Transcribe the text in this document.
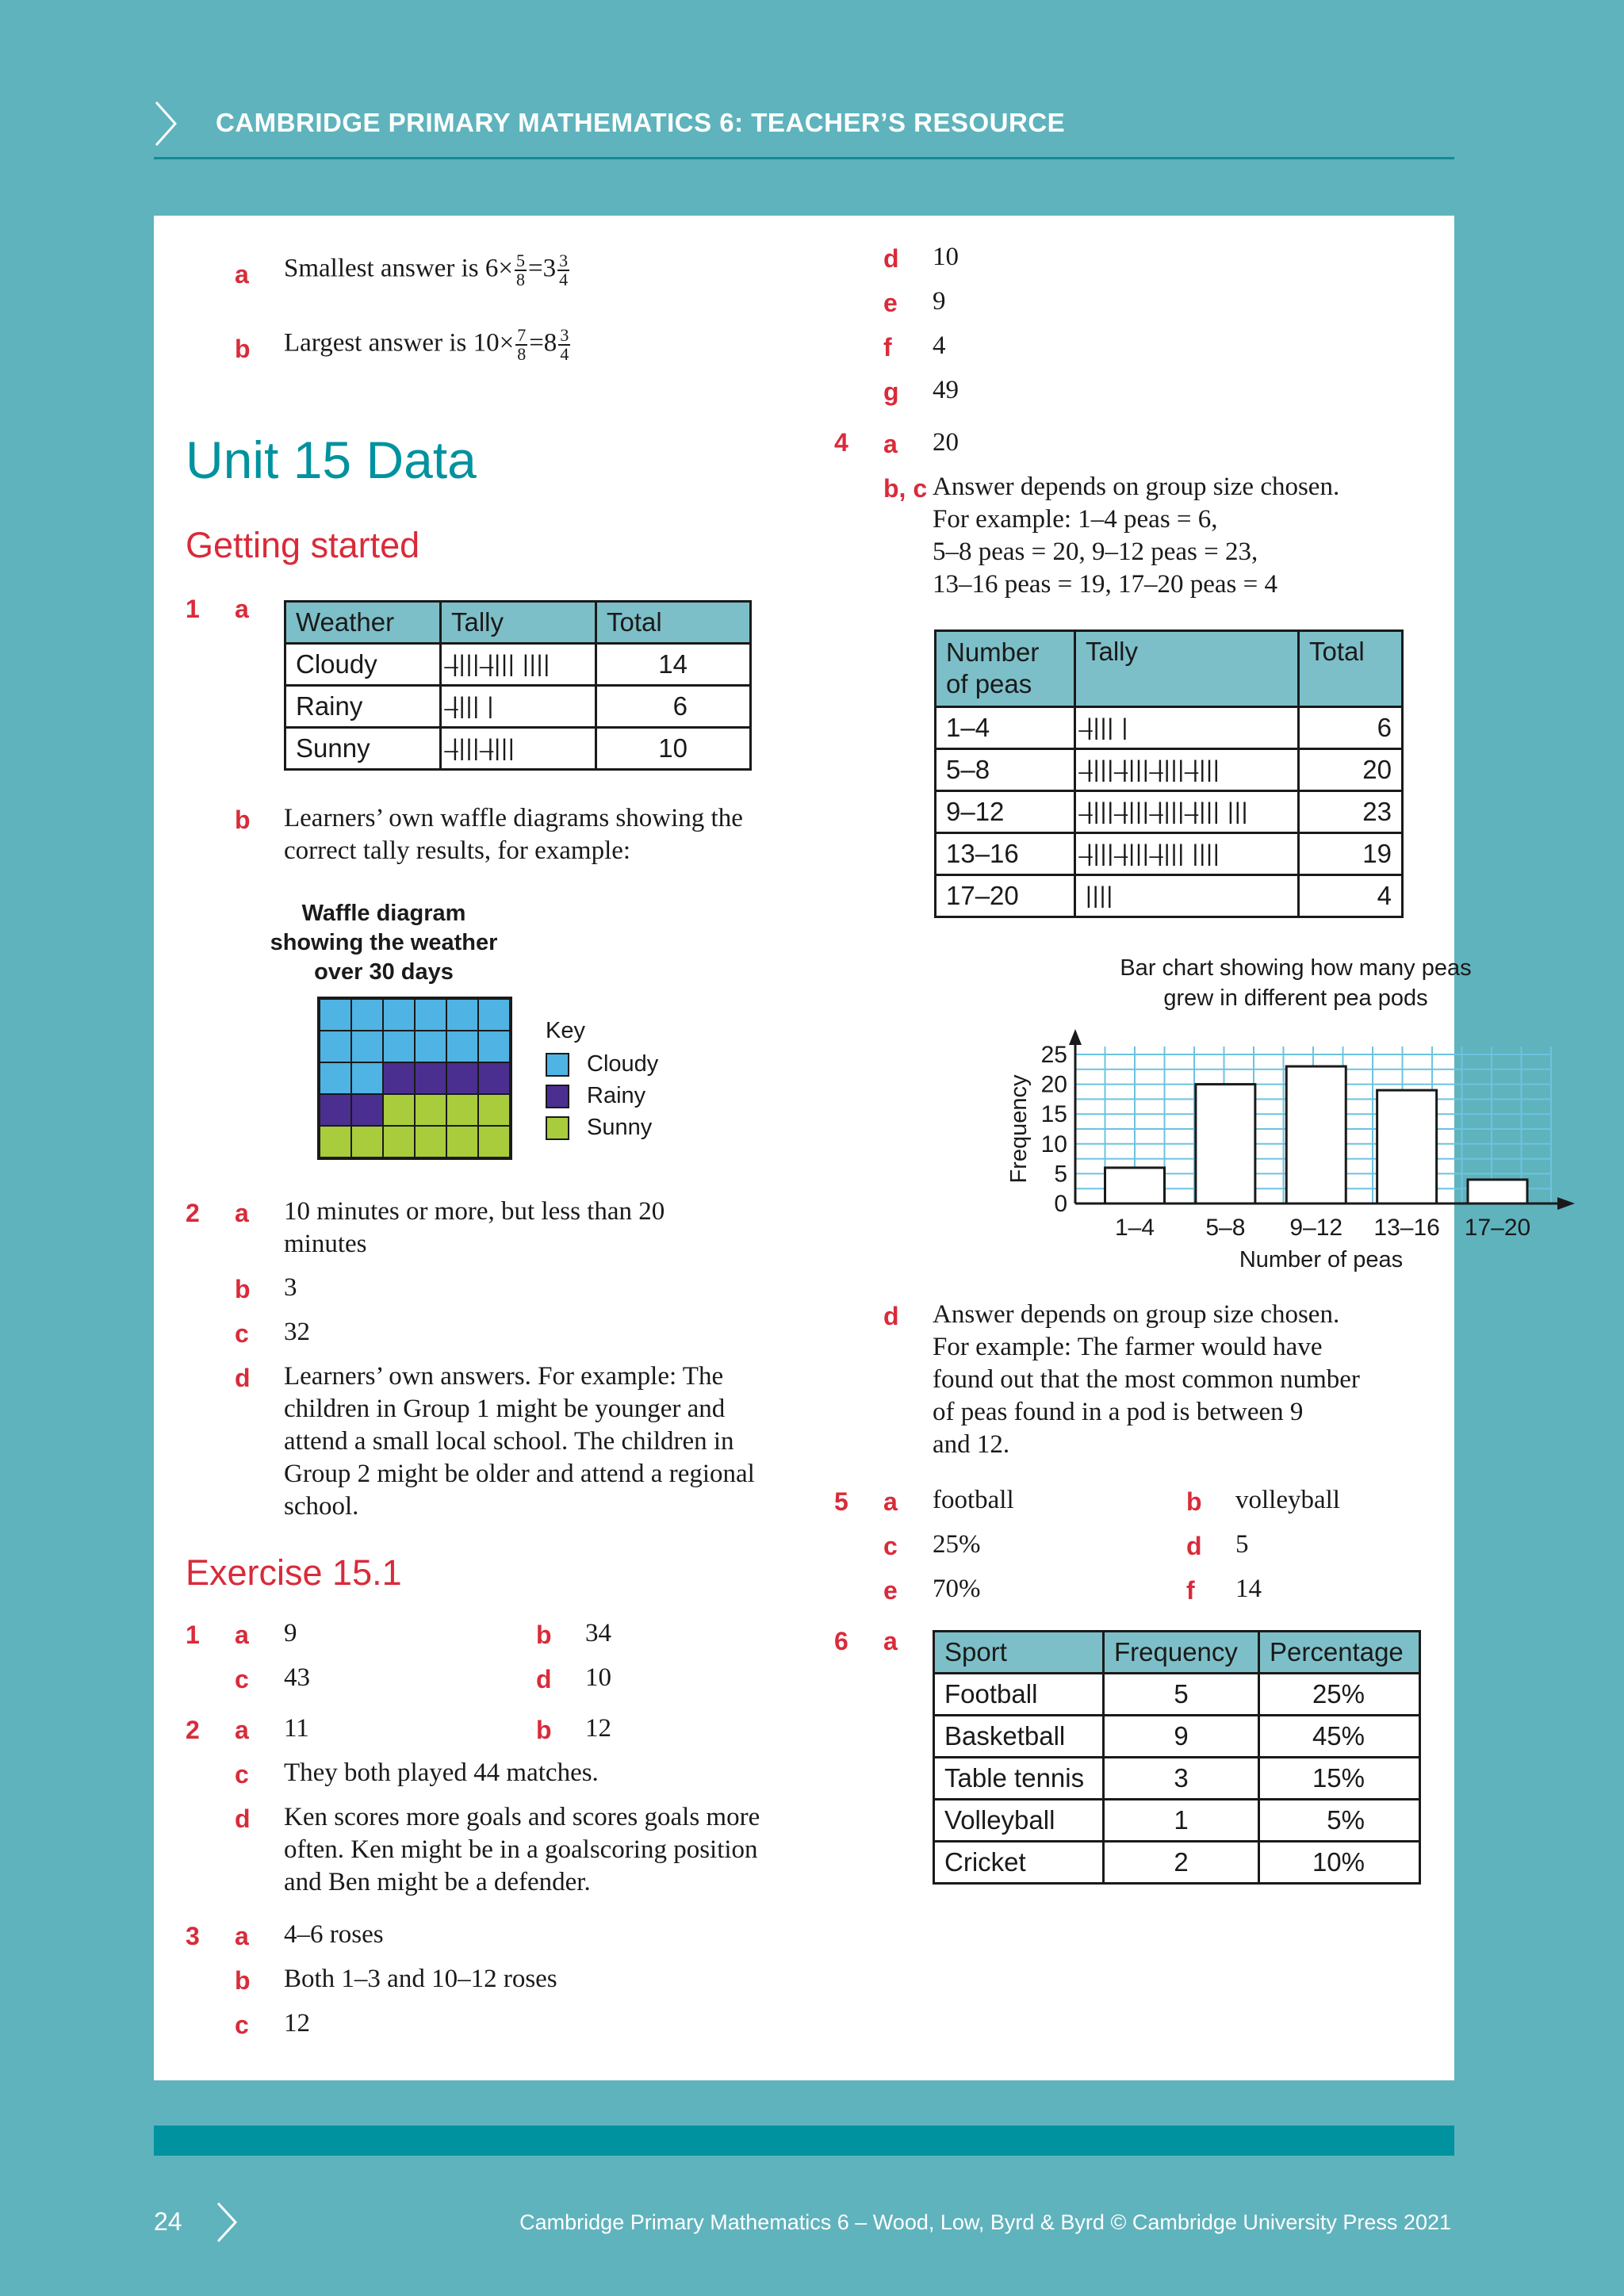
CAMBRIDGE PRIMARY MATHEMATICS 6: TEACHER’S RESOURCE
a Smallest answer is $6\times \frac{5}{8} =3 \frac{3}{4}$
b Largest answer is $10\times \frac{7}{8} =8 \frac{3}{4}$
Unit 15 Data
Getting started
1 a Weather	Tally	Total
Cloudy	̶|||| ̶|||| ||||	14
Rainy	̶|||| |	6
Sunny	̶|||| ̶||||	10
b Learners’ own waffle diagrams showing the correct tally results, for example:
Waffle diagram
showing the weather
over 30 days
Key
Cloudy
Rainy
Sunny
2 a 10 minutes or more, but less than 20 minutes
b 3
c 32
d Learners’ own answers. For example: The children in Group 1 might be younger and attend a small local school. The children in Group 2 might be older and attend a regional school.
Exercise 15.1
1 a 9	b 34
c 43	d 10
2 a 11	b 12
c They both played 44 matches.
d Ken scores more goals and scores goals more often. Ken might be in a goalscoring position and Ben might be a defender.
3 a 4–6 roses
b Both 1–3 and 10–12 roses
c 12
d 10
e 9
f 4
g 49
4 a 20
b, c Answer depends on group size chosen.
For example: 1–4 peas = 6,
5–8 peas = 20, 9–12 peas = 23,
13–16 peas = 19, 17–20 peas = 4
Number of peas	Tally	Total
1–4	̶|||| |	6
5–8	̶|||| ̶|||| ̶|||| ̶||||	20
9–12	̶|||| ̶|||| ̶|||| ̶|||| |||	23
13–16	̶|||| ̶|||| ̶|||| ||||	19
17–20	||||	4
Bar chart showing how many peas
grew in different pea pods
0
5
10
15
20
25
Frequency
1–4 5–8 9–12 13–16 17–20
Number of peas
d Answer depends on group size chosen.
For example: The farmer would have
found out that the most common number
of peas found in a pod is between 9
and 12.
5 a football	b volleyball
c 25%	d 5
e 70%	f 14
6 a Sport	Frequency	Percentage
Football	5	25%
Basketball	9	45%
Table tennis	3	15%
Volleyball	1	5%
Cricket	2	10%
24	Cambridge Primary Mathematics 6 – Wood, Low, Byrd & Byrd © Cambridge University Press 2021
